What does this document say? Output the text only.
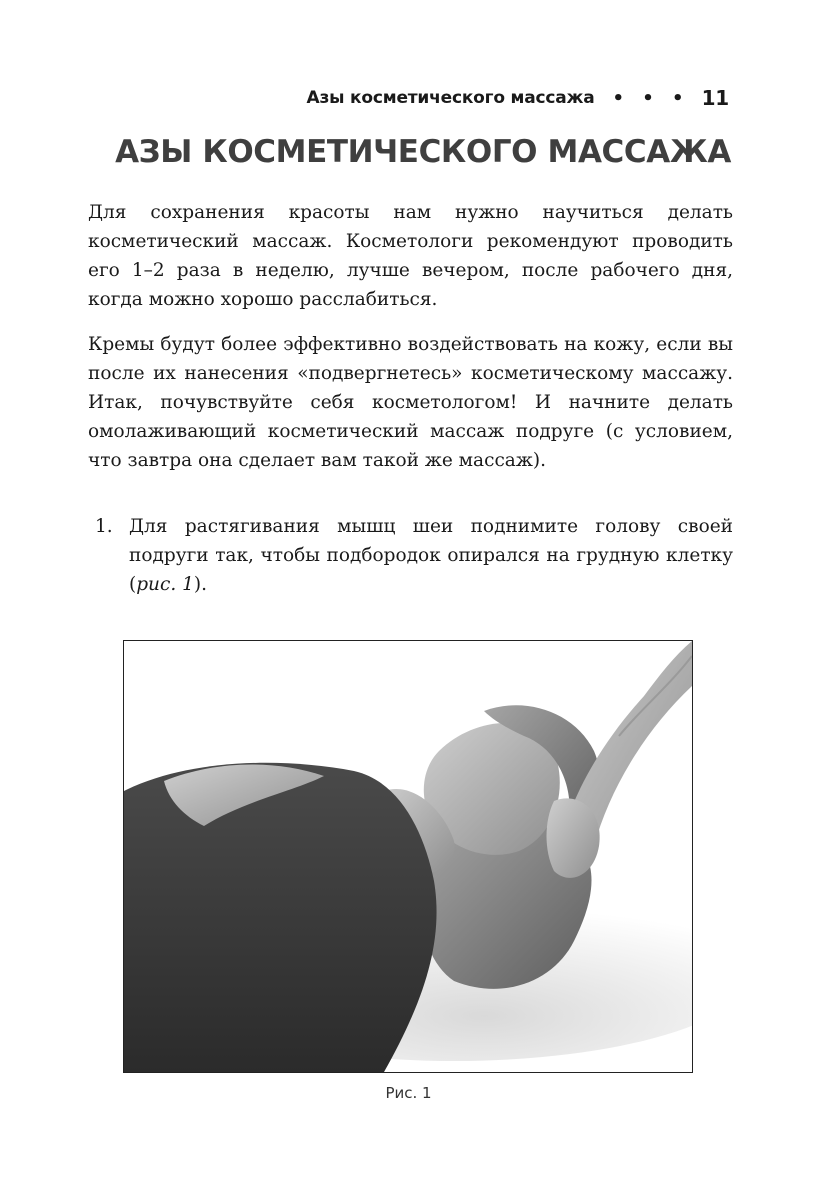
Азы косметического массажа • • • 11
АЗЫ КОСМЕТИЧЕСКОГО МАССАЖА

Для сохранения красоты нам нужно научиться делать косметический массаж. Косметологи рекомендуют проводить его 1–2 раза в неделю, лучше вечером, после рабочего дня, когда можно хорошо расслабиться.

Кремы будут более эффективно воздействовать на кожу, если вы после их нанесения «подвергнетесь» косметическому массажу. Итак, почувствуйте себя косметологом! И начните делать омолаживающий косметический массаж подруге (с условием, что завтра она сделает вам такой же массаж).

1. Для растягивания мышц шеи поднимите голову своей подруги так, чтобы подбородок опирался на грудную клетку (рис. 1).
Рис. 1
